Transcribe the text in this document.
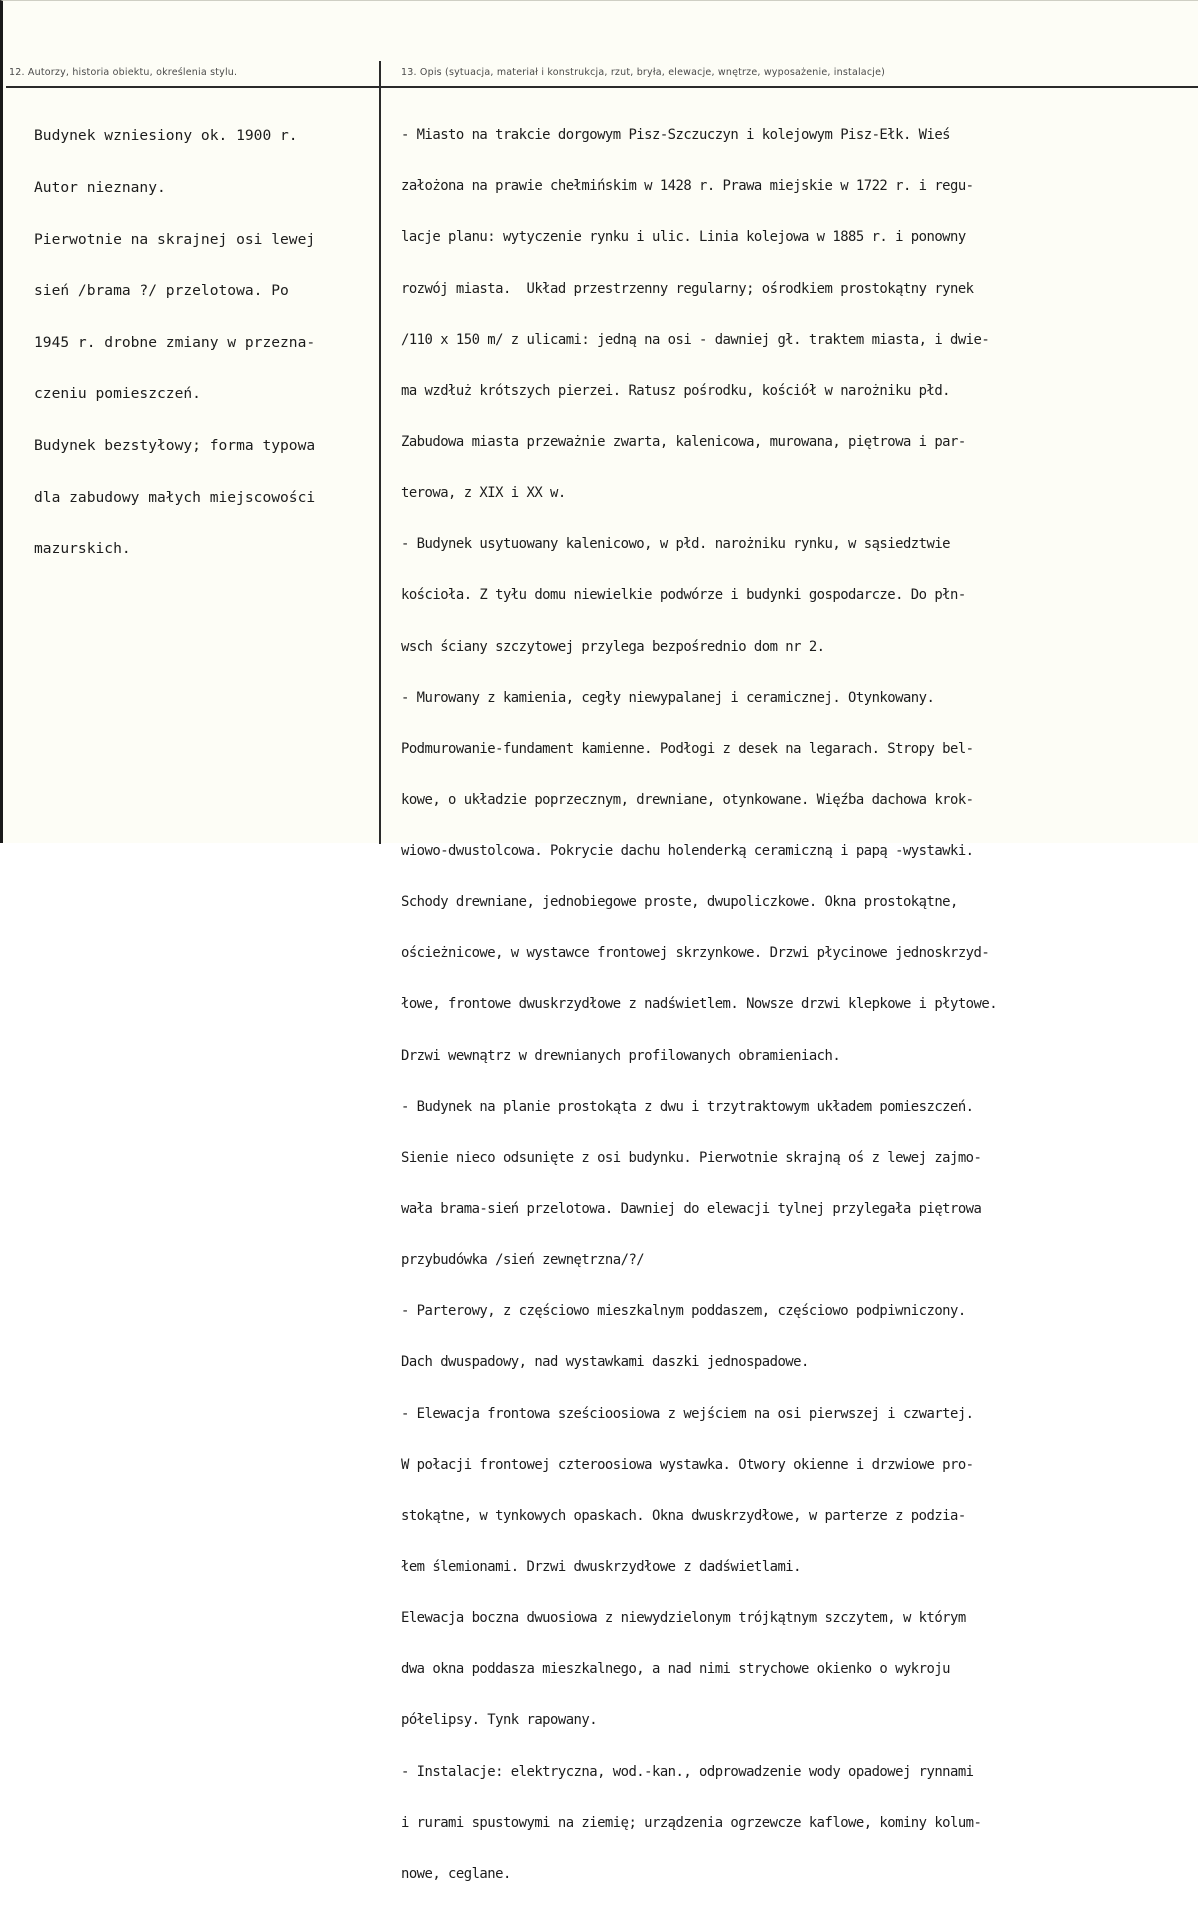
12. Autorzy, historia obiektu, określenia stylu.	13. Opis (sytuacja, materiał i konstrukcja, rzut, bryła, elewacje, wnętrze, wyposażenie, instalacje)

Budynek wzniesiony ok. 1900 r.

Autor nieznany.

Pierwotnie na skrajnej osi lewej

sień /brama ?/ przelotowa. Po

1945 r. drobne zmiany w przezna-

czeniu pomieszczeń.

Budynek bezstyłowy; forma typowa

dla zabudowy małych miejscowości

mazurskich.

- Miasto na trakcie dorgowym Pisz-Szczuczyn i kolejowym Pisz-Ełk. Wieś

założona na prawie chełmińskim w 1428 r. Prawa miejskie w 1722 r. i regu-

lacje planu: wytyczenie rynku i ulic. Linia kolejowa w 1885 r. i ponowny

rozwój miasta.  Układ przestrzenny regularny; ośrodkiem prostokątny rynek

/110 x 150 m/ z ulicami: jedną na osi - dawniej gł. traktem miasta, i dwie-

ma wzdłuż krótszych pierzei. Ratusz pośrodku, kościół w narożniku płd.

Zabudowa miasta przeważnie zwarta, kalenicowa, murowana, piętrowa i par-

terowa, z XIX i XX w.

- Budynek usytuowany kalenicowo, w płd. narożniku rynku, w sąsiedztwie

kościoła. Z tyłu domu niewielkie podwórze i budynki gospodarcze. Do płn-

wsch ściany szczytowej przylega bezpośrednio dom nr 2.

- Murowany z kamienia, cegły niewypalanej i ceramicznej. Otynkowany.

Podmurowanie-fundament kamienne. Podłogi z desek na legarach. Stropy bel-

kowe, o układzie poprzecznym, drewniane, otynkowane. Więźba dachowa krok-

wiowo-dwustolcowa. Pokrycie dachu holenderką ceramiczną i papą -wystawki.

Schody drewniane, jednobiegowe proste, dwupoliczkowe. Okna prostokątne,

ościeżnicowe, w wystawce frontowej skrzynkowe. Drzwi płycinowe jednoskrzyd-

łowe, frontowe dwuskrzydłowe z nadświetlem. Nowsze drzwi klepkowe i płytowe.

Drzwi wewnątrz w drewnianych profilowanych obramieniach.

- Budynek na planie prostokąta z dwu i trzytraktowym układem pomieszczeń.

Sienie nieco odsunięte z osi budynku. Pierwotnie skrajną oś z lewej zajmo-

wała brama-sień przelotowa. Dawniej do elewacji tylnej przylegała piętrowa

przybudówka /sień zewnętrzna/?/

- Parterowy, z częściowo mieszkalnym poddaszem, częściowo podpiwniczony.

Dach dwuspadowy, nad wystawkami daszki jednospadowe.

- Elewacja frontowa sześcioosiowa z wejściem na osi pierwszej i czwartej.

W połacji frontowej czteroosiowa wystawka. Otwory okienne i drzwiowe pro-

stokątne, w tynkowych opaskach. Okna dwuskrzydłowe, w parterze z podzia-

łem ślemionami. Drzwi dwuskrzydłowe z dadświetlami.

Elewacja boczna dwuosiowa z niewydzielonym trójkątnym szczytem, w którym

dwa okna poddasza mieszkalnego, a nad nimi strychowe okienko o wykroju

półelipsy. Tynk rapowany.

- Instalacje: elektryczna, wod.-kan., odprowadzenie wody opadowej rynnami

i rurami spustowymi na ziemię; urządzenia ogrzewcze kaflowe, kominy kolum-

nowe, ceglane.
